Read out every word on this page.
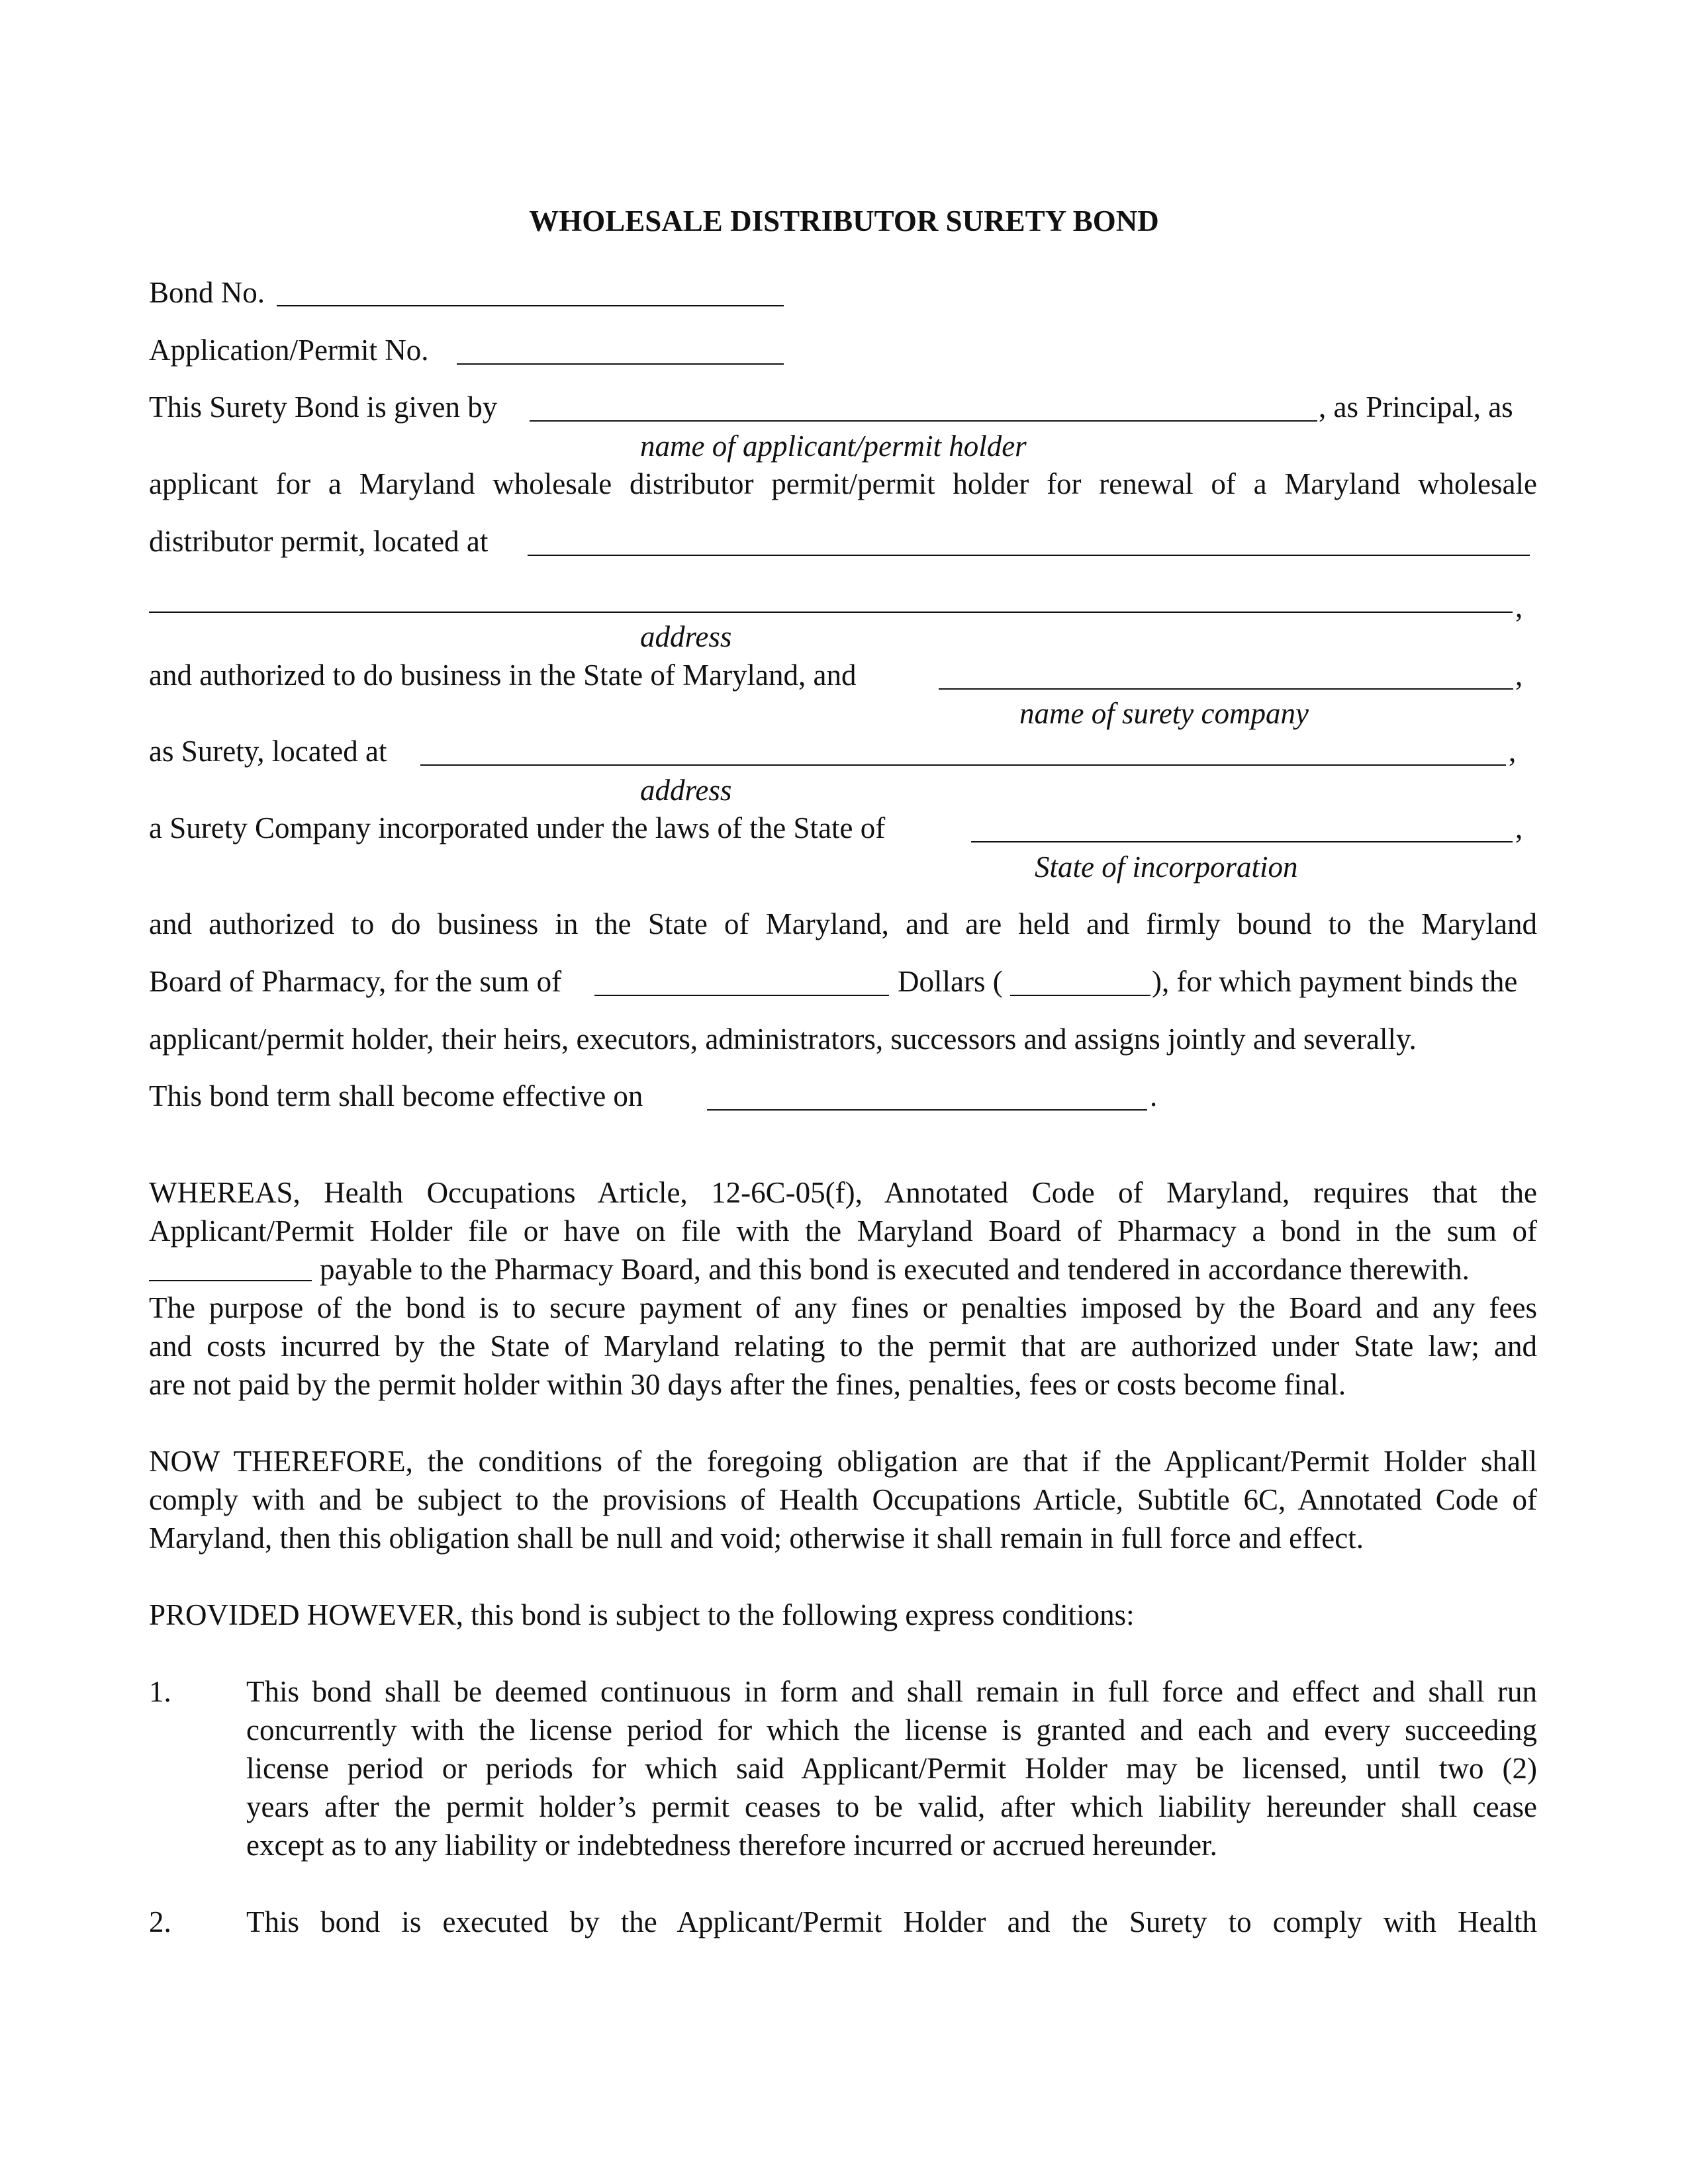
WHOLESALE DISTRIBUTOR SURETY BOND
Bond No.
Application/Permit No.
This Surety Bond is given by	, as Principal, as
name of applicant/permit holder
applicant for a Maryland wholesale distributor permit/permit holder for renewal of a Maryland wholesale
distributor permit, located at
,
address
and authorized to do business in the State of Maryland, and	,
name of surety company
as Surety, located at	,
address
a Surety Company incorporated under the laws of the State of	,
State of incorporation
and authorized to do business in the State of Maryland, and are held and firmly bound to the Maryland
Board of Pharmacy, for the sum of	Dollars (	), for which payment binds the
applicant/permit holder, their heirs, executors, administrators, successors and assigns jointly and severally.
This bond term shall become effective on	.
WHEREAS, Health Occupations Article, 12-6C-05(f), Annotated Code of Maryland, requires that the
Applicant/Permit Holder file or have on file with the Maryland Board of Pharmacy a bond in the sum of
payable to the Pharmacy Board, and this bond is executed and tendered in accordance therewith.
The purpose of the bond is to secure payment of any fines or penalties imposed by the Board and any fees
and costs incurred by the State of Maryland relating to the permit that are authorized under State law; and
are not paid by the permit holder within 30 days after the fines, penalties, fees or costs become final.
NOW THEREFORE, the conditions of the foregoing obligation are that if the Applicant/Permit Holder shall
comply with and be subject to the provisions of Health Occupations Article, Subtitle 6C, Annotated Code of
Maryland, then this obligation shall be null and void; otherwise it shall remain in full force and effect.
PROVIDED HOWEVER, this bond is subject to the following express conditions:
1.	This bond shall be deemed continuous in form and shall remain in full force and effect and shall run
concurrently with the license period for which the license is granted and each and every succeeding
license period or periods for which said Applicant/Permit Holder may be licensed, until two (2)
years after the permit holder’s permit ceases to be valid, after which liability hereunder shall cease
except as to any liability or indebtedness therefore incurred or accrued hereunder.
2.	This bond is executed by the Applicant/Permit Holder and the Surety to comply with Health
